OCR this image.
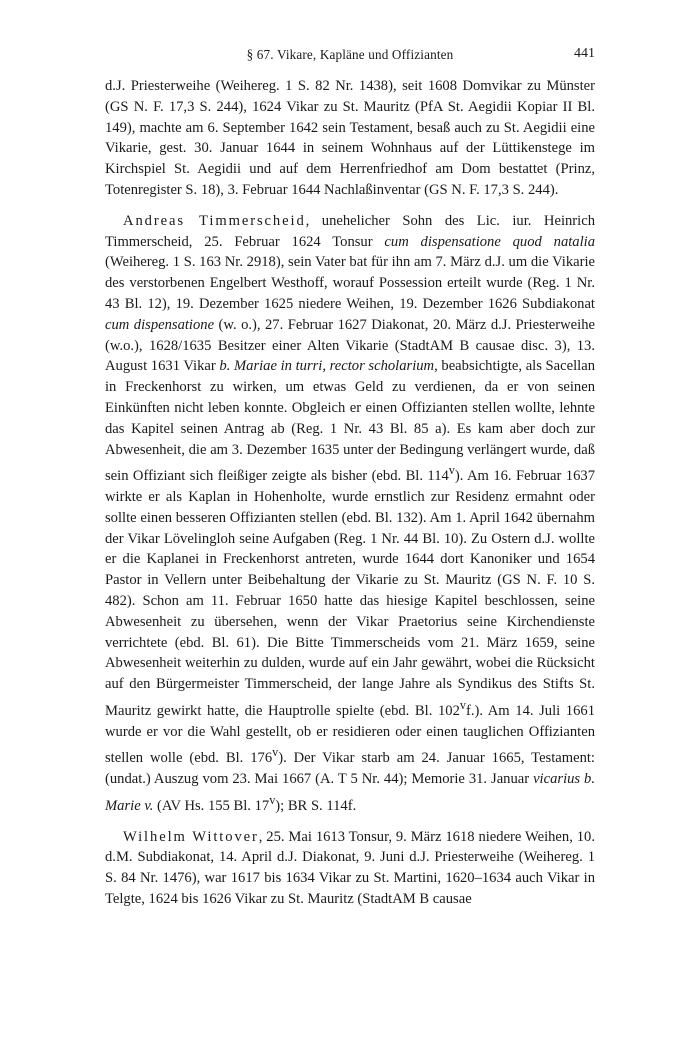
§ 67. Vikare, Kapläne und Offizianten	441

d.J. Priesterweihe (Weihereg. 1 S. 82 Nr. 1438), seit 1608 Domvikar zu Münster (GS N. F. 17,3 S. 244), 1624 Vikar zu St. Mauritz (PfA St. Aegidii Kopiar II Bl. 149), machte am 6. September 1642 sein Testament, besaß auch zu St. Aegidii eine Vikarie, gest. 30. Januar 1644 in seinem Wohnhaus auf der Lüttikenstege im Kirchspiel St. Aegidii und auf dem Herrenfriedhof am Dom bestattet (Prinz, Totenregister S. 18), 3. Februar 1644 Nachlaßinventar (GS N. F. 17,3 S. 244).

Andreas Timmerscheid, unehelicher Sohn des Lic. iur. Heinrich Timmerscheid, 25. Februar 1624 Tonsur cum dispensatione quod natalia (Weihereg. 1 S. 163 Nr. 2918), sein Vater bat für ihn am 7. März d.J. um die Vikarie des verstorbenen Engelbert Westhoff, worauf Possession erteilt wurde (Reg. 1 Nr. 43 Bl. 12), 19. Dezember 1625 niedere Weihen, 19. Dezember 1626 Subdiakonat cum dispensatione (w. o.), 27. Februar 1627 Diakonat, 20. März d.J. Priesterweihe (w.o.), 1628/1635 Besitzer einer Alten Vikarie (StadtAM B causae disc. 3), 13. August 1631 Vikar b. Mariae in turri, rector scholarium, beabsichtigte, als Sacellan in Freckenhorst zu wirken, um etwas Geld zu verdienen, da er von seinen Einkünften nicht leben konnte. Obgleich er einen Offizianten stellen wollte, lehnte das Kapitel seinen Antrag ab (Reg. 1 Nr. 43 Bl. 85 a). Es kam aber doch zur Abwesenheit, die am 3. Dezember 1635 unter der Bedingung verlängert wurde, daß sein Offiziant sich fleißiger zeigte als bisher (ebd. Bl. 114$^v$). Am 16. Februar 1637 wirkte er als Kaplan in Hohenholte, wurde ernstlich zur Residenz ermahnt oder sollte einen besseren Offizianten stellen (ebd. Bl. 132). Am 1. April 1642 übernahm der Vikar Lövelingloh seine Aufgaben (Reg. 1 Nr. 44 Bl. 10). Zu Ostern d.J. wollte er die Kaplanei in Freckenhorst antreten, wurde 1644 dort Kanoniker und 1654 Pastor in Vellern unter Beibehaltung der Vikarie zu St. Mauritz (GS N. F. 10 S. 482). Schon am 11. Februar 1650 hatte das hiesige Kapitel beschlossen, seine Abwesenheit zu übersehen, wenn der Vikar Praetorius seine Kirchendienste verrichtete (ebd. Bl. 61). Die Bitte Timmerscheids vom 21. März 1659, seine Abwesenheit weiterhin zu dulden, wurde auf ein Jahr gewährt, wobei die Rücksicht auf den Bürgermeister Timmerscheid, der lange Jahre als Syndikus des Stifts St. Mauritz gewirkt hatte, die Hauptrolle spielte (ebd. Bl. 102$^v$f.). Am 14. Juli 1661 wurde er vor die Wahl gestellt, ob er residieren oder einen tauglichen Offizianten stellen wolle (ebd. Bl. 176$^v$). Der Vikar starb am 24. Januar 1665, Testament: (undat.) Auszug vom 23. Mai 1667 (A. T 5 Nr. 44); Memorie 31. Januar vicarius b. Marie v. (AV Hs. 155 Bl. 17$^v$); BR S. 114f.

Wilhelm Wittover, 25. Mai 1613 Tonsur, 9. März 1618 niedere Weihen, 10. d.M. Subdiakonat, 14. April d.J. Diakonat, 9. Juni d.J. Priesterweihe (Weihereg. 1 S. 84 Nr. 1476), war 1617 bis 1634 Vikar zu St. Martini, 1620–1634 auch Vikar in Telgte, 1624 bis 1626 Vikar zu St. Mauritz (StadtAM B causae
